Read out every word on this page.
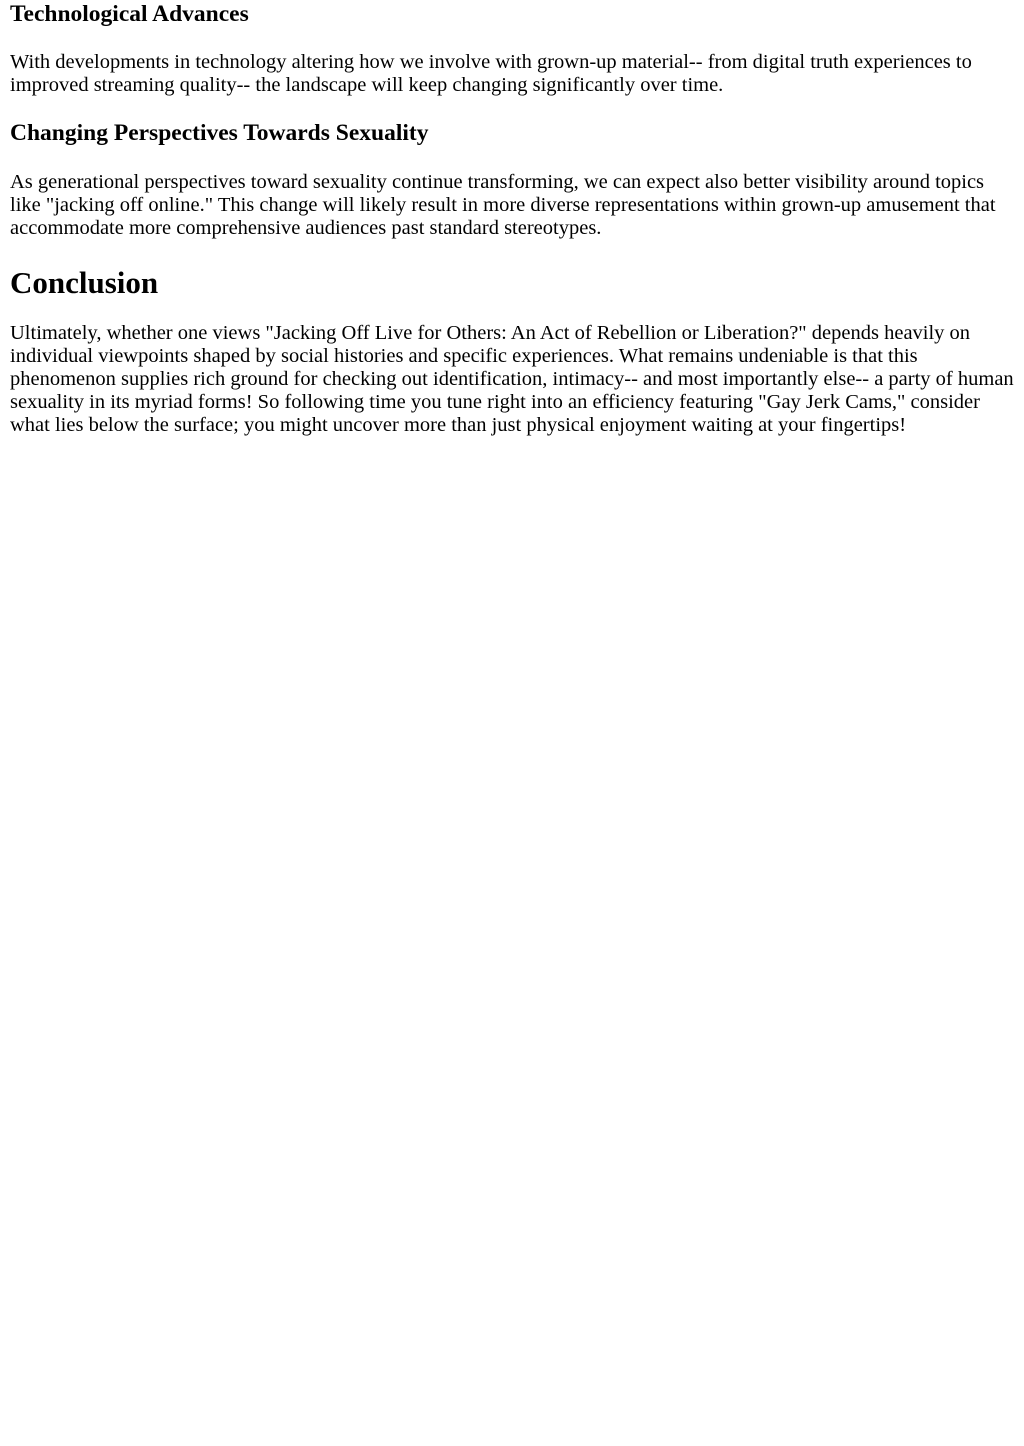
Technological Advances

With developments in technology altering how we involve with grown-up material-- from digital truth experiences to improved streaming quality-- the landscape will keep changing significantly over time.

Changing Perspectives Towards Sexuality

As generational perspectives toward sexuality continue transforming, we can expect also better visibility around topics like "jacking off online." This change will likely result in more diverse representations within grown-up amusement that accommodate more comprehensive audiences past standard stereotypes.

Conclusion

Ultimately, whether one views "Jacking Off Live for Others: An Act of Rebellion or Liberation?" depends heavily on individual viewpoints shaped by social histories and specific experiences. What remains undeniable is that this phenomenon supplies rich ground for checking out identification, intimacy-- and most importantly else-- a party of human sexuality in its myriad forms! So following time you tune right into an efficiency featuring "Gay Jerk Cams," consider what lies below the surface; you might uncover more than just physical enjoyment waiting at your fingertips!
